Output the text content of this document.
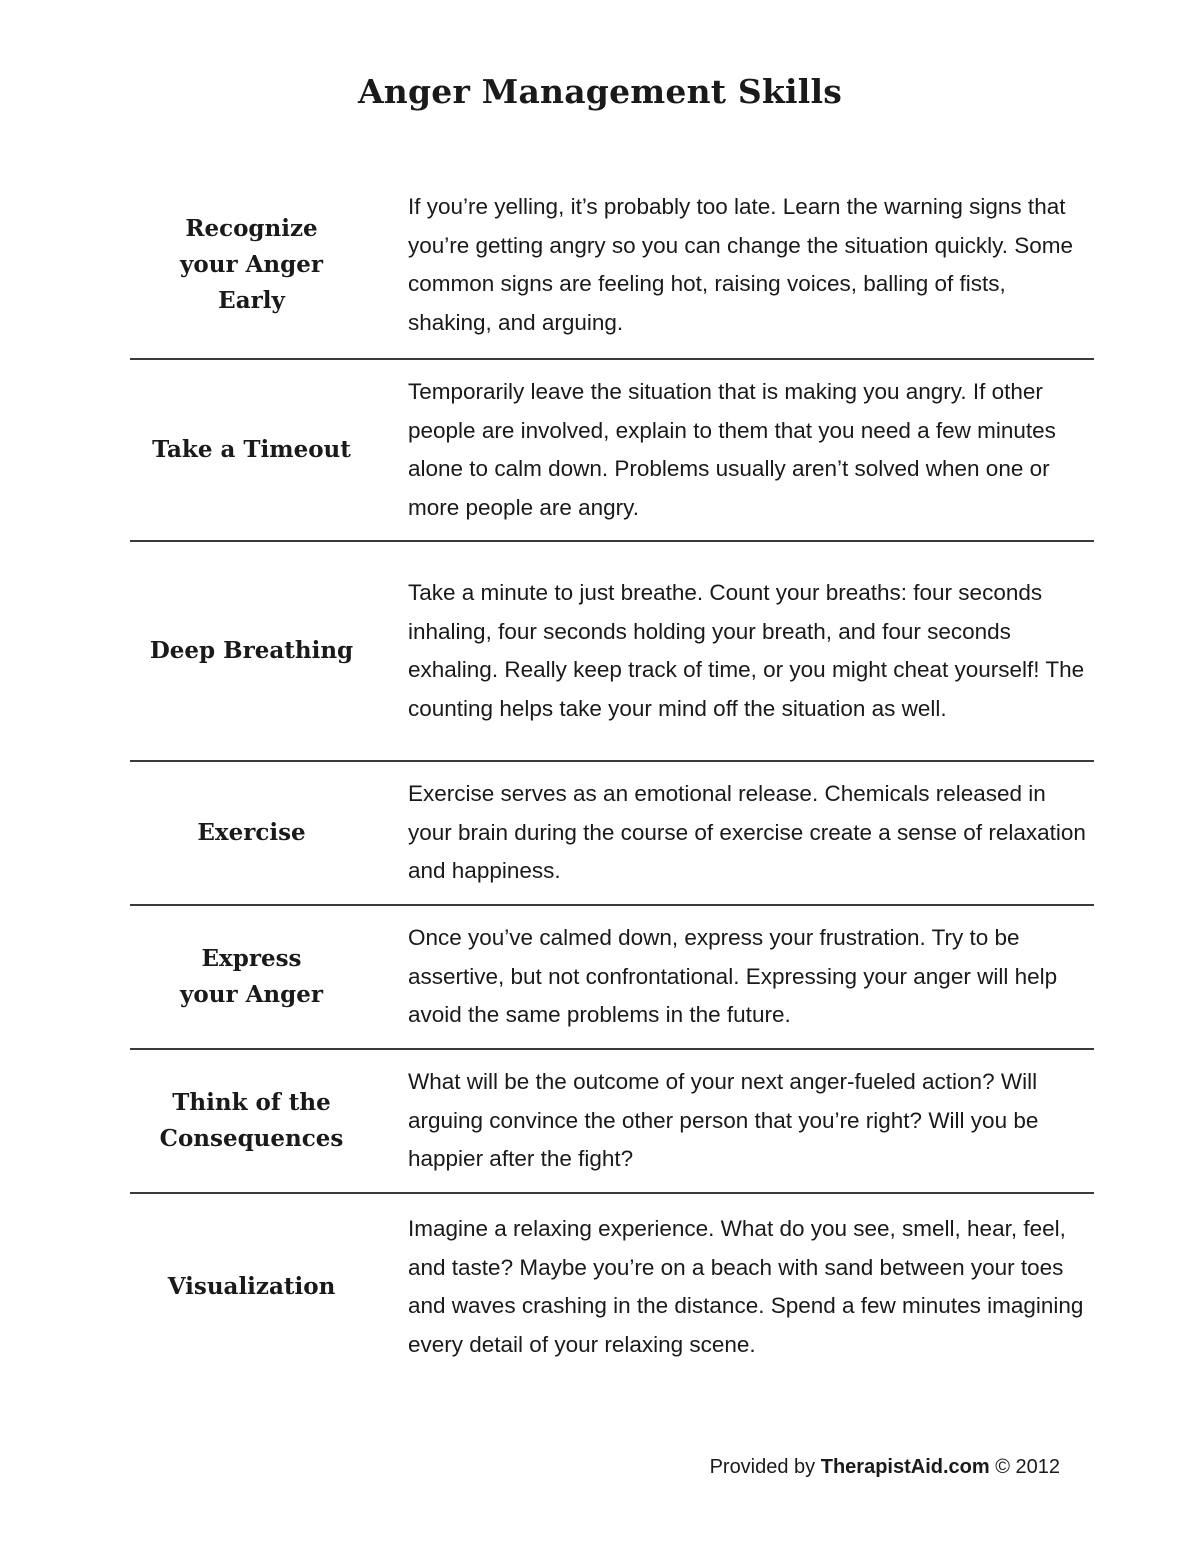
Anger Management Skills
Recognize your Anger Early
If you’re yelling, it’s probably too late. Learn the warning signs that you’re getting angry so you can change the situation quickly. Some common signs are feeling hot, raising voices, balling of fists, shaking, and arguing.
Take a Timeout
Temporarily leave the situation that is making you angry. If other people are involved, explain to them that you need a few minutes alone to calm down. Problems usually aren’t solved when one or more people are angry.
Deep Breathing
Take a minute to just breathe. Count your breaths: four seconds inhaling, four seconds holding your breath, and four seconds exhaling. Really keep track of time, or you might cheat yourself! The counting helps take your mind off the situation as well.
Exercise
Exercise serves as an emotional release. Chemicals released in your brain during the course of exercise create a sense of relaxation and happiness.
Express your Anger
Once you’ve calmed down, express your frustration. Try to be assertive, but not confrontational. Expressing your anger will help avoid the same problems in the future.
Think of the Consequences
What will be the outcome of your next anger-fueled action? Will arguing convince the other person that you’re right? Will you be happier after the fight?
Visualization
Imagine a relaxing experience. What do you see, smell, hear, feel, and taste? Maybe you’re on a beach with sand between your toes and waves crashing in the distance. Spend a few minutes imagining every detail of your relaxing scene.
Provided by TherapistAid.com © 2012
